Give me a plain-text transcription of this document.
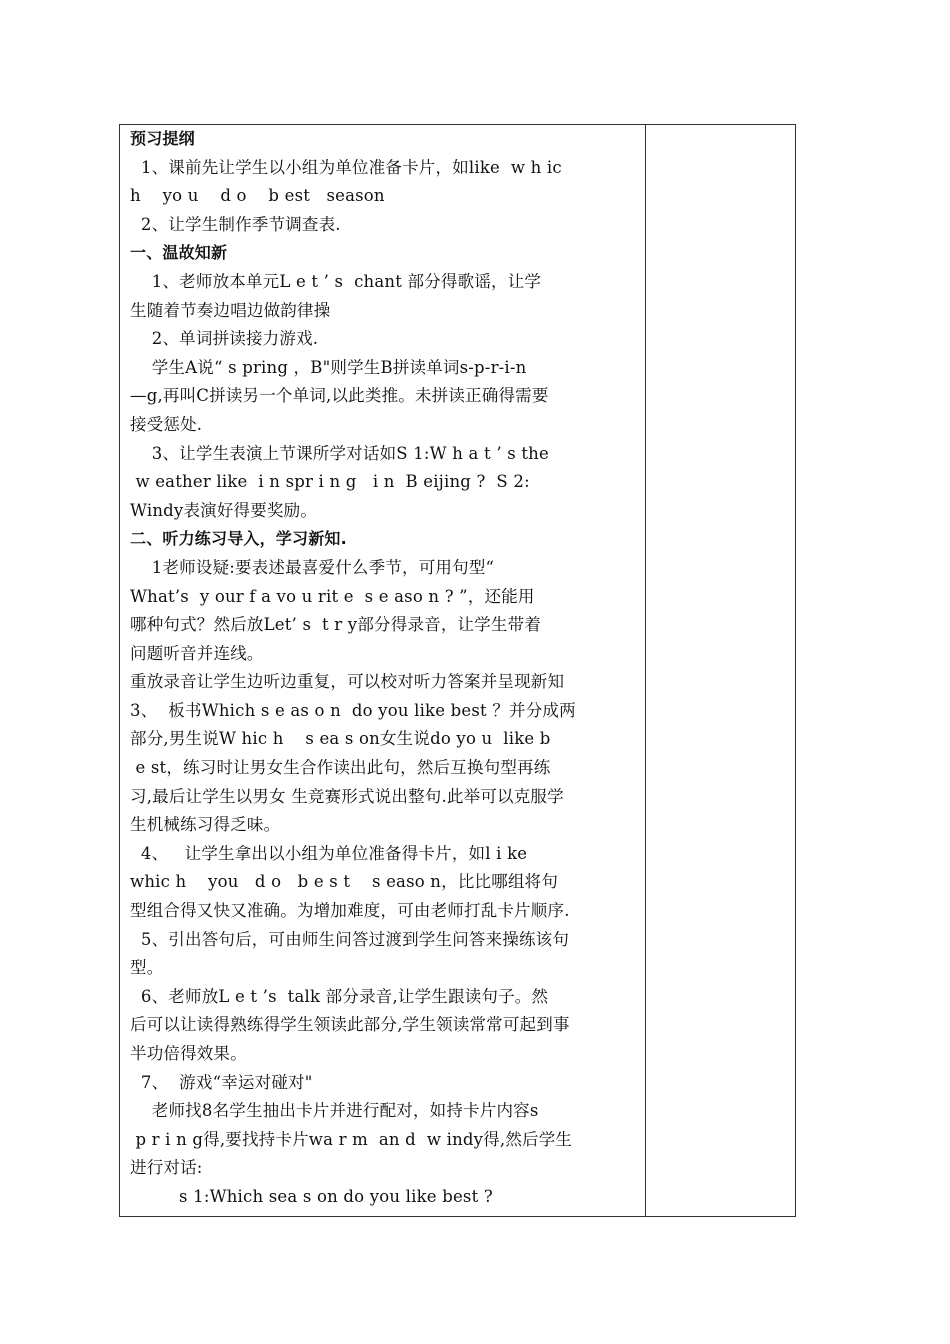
预习提纲
1、课前先让学生以小组为单位准备卡片，如like  w h ic
h    yo u    d o    b est   season
2、让学生制作季节调查表.
一、温故知新
1、老师放本单元L e t ’ s  chant 部分得歌谣，让学
生随着节奏边唱边做韵律操
2、单词拼读接力游戏.
学生A说“ s pring ，B"则学生B拼读单词s-p-r-i-n
—g,再叫C拼读另一个单词,以此类推。未拼读正确得需要
接受惩处.
3、让学生表演上节课所学对话如S 1:W h a t ’ s the
w eather like  i n spr i n g   i n  B eijing ?  S 2:
Windy表演好得要奖励。
二、听力练习导入，学习新知.
1老师设疑:要表述最喜爱什么季节，可用句型“
What’s  y our f a vo u rit e  s e aso n ? ”，还能用
哪种句式？然后放Let’ s  t r y部分得录音，让学生带着
问题听音并连线。
重放录音让学生边听边重复，可以校对听力答案并呈现新知
3、  板书Which s e as o n  do you like best ？并分成两
部分,男生说W hic h    s ea s on女生说do yo u  like b
e st，练习时让男女生合作读出此句，然后互换句型再练
习,最后让学生以男女 生竞赛形式说出整句.此举可以克服学
生机械练习得乏味。
4、   让学生拿出以小组为单位准备得卡片，如l i ke
whic h    you   d o   b e s t    s easo n，比比哪组将句
型组合得又快又准确。为增加难度，可由老师打乱卡片顺序.
5、引出答句后，可由师生问答过渡到学生问答来操练该句
型。
6、老师放L e t ’s  talk 部分录音,让学生跟读句子。然
后可以让读得熟练得学生领读此部分,学生领读常常可起到事
半功倍得效果。
7、  游戏“幸运对碰对"
老师找8名学生抽出卡片并进行配对，如持卡片内容s
p r i n g得,要找持卡片wa r m  an d  w indy得,然后学生
进行对话:
s 1:Which sea s on do you like best ?
